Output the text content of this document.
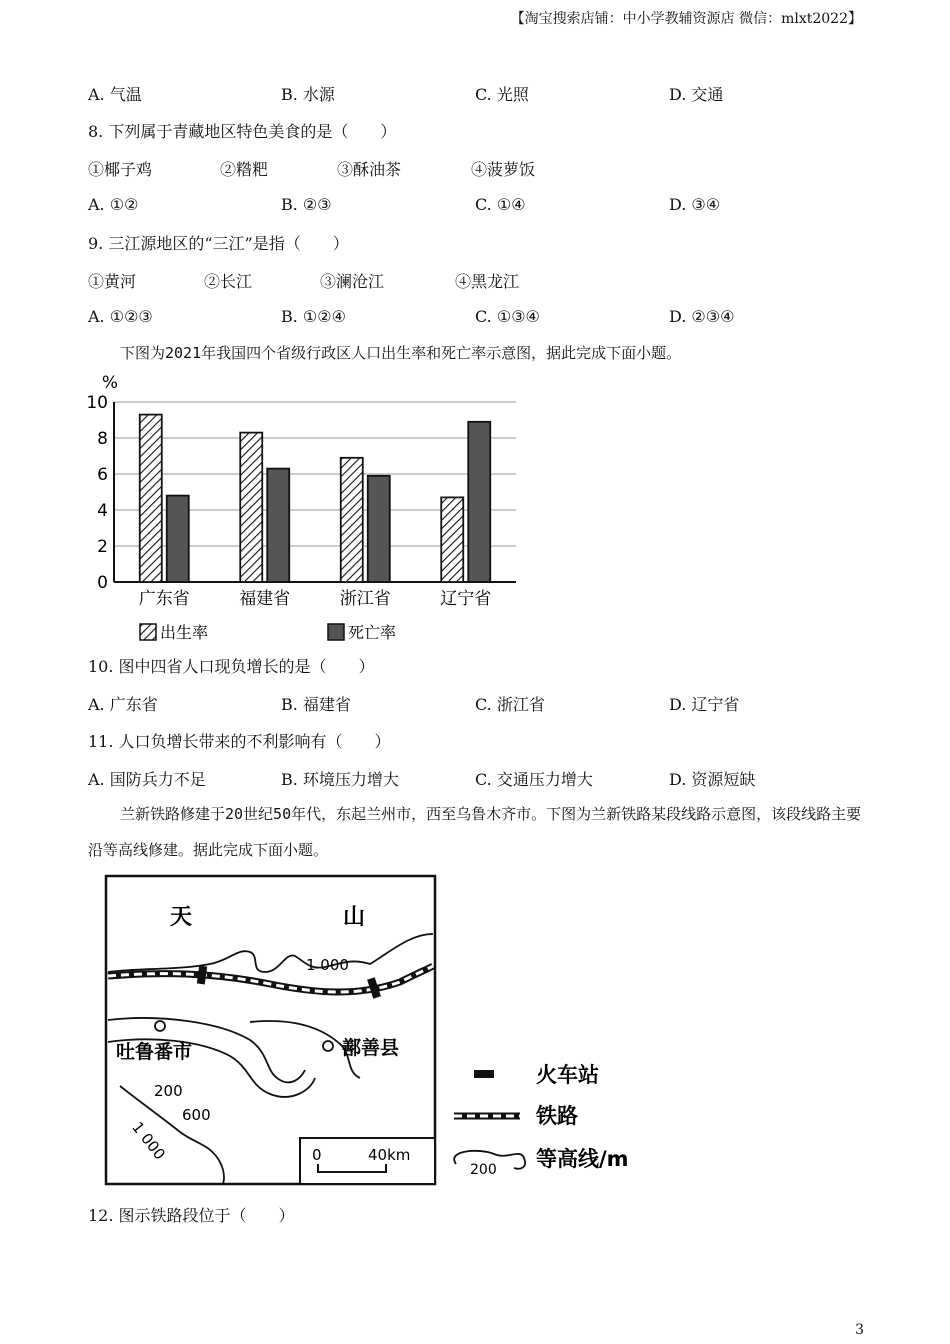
【淘宝搜索店铺：中小学教辅资源店 微信：mlxt2022】
A. 气温	B. 水源	C. 光照	D. 交通
8. 下列属于青藏地区特色美食的是（　　）
①椰子鸡	②糌粑	③酥油茶	④菠萝饭
A. ①②	B. ②③	C. ①④	D. ③④
9. 三江源地区的“三江”是指（　　）
①黄河	②长江	③澜沧江	④黑龙江
A. ①②③	B. ①②④	C. ①③④	D. ②③④
下图为2021年我国四个省级行政区人口出生率和死亡率示意图，据此完成下面小题。
0
2
4
6
8
10
广东省	福建省	浙江省	辽宁省
%
出生率	死亡率
10. 图中四省人口现负增长的是（　　）
A. 广东省	B. 福建省	C. 浙江省	D. 辽宁省
11. 人口负增长带来的不利影响有（　　）
A. 国防兵力不足	B. 环境压力增大	C. 交通压力增大	D. 资源短缺
兰新铁路修建于20世纪50年代，东起兰州市，西至乌鲁木齐市。下图为兰新铁路某段线路示意图，该段线路主要沿等高线修建。据此完成下面小题。
天	山
1 000
吐鲁番市	鄯善县
200
600
1 000	0	40km
火车站
铁路
200 等高线/m
12. 图示铁路段位于（　　）
3
